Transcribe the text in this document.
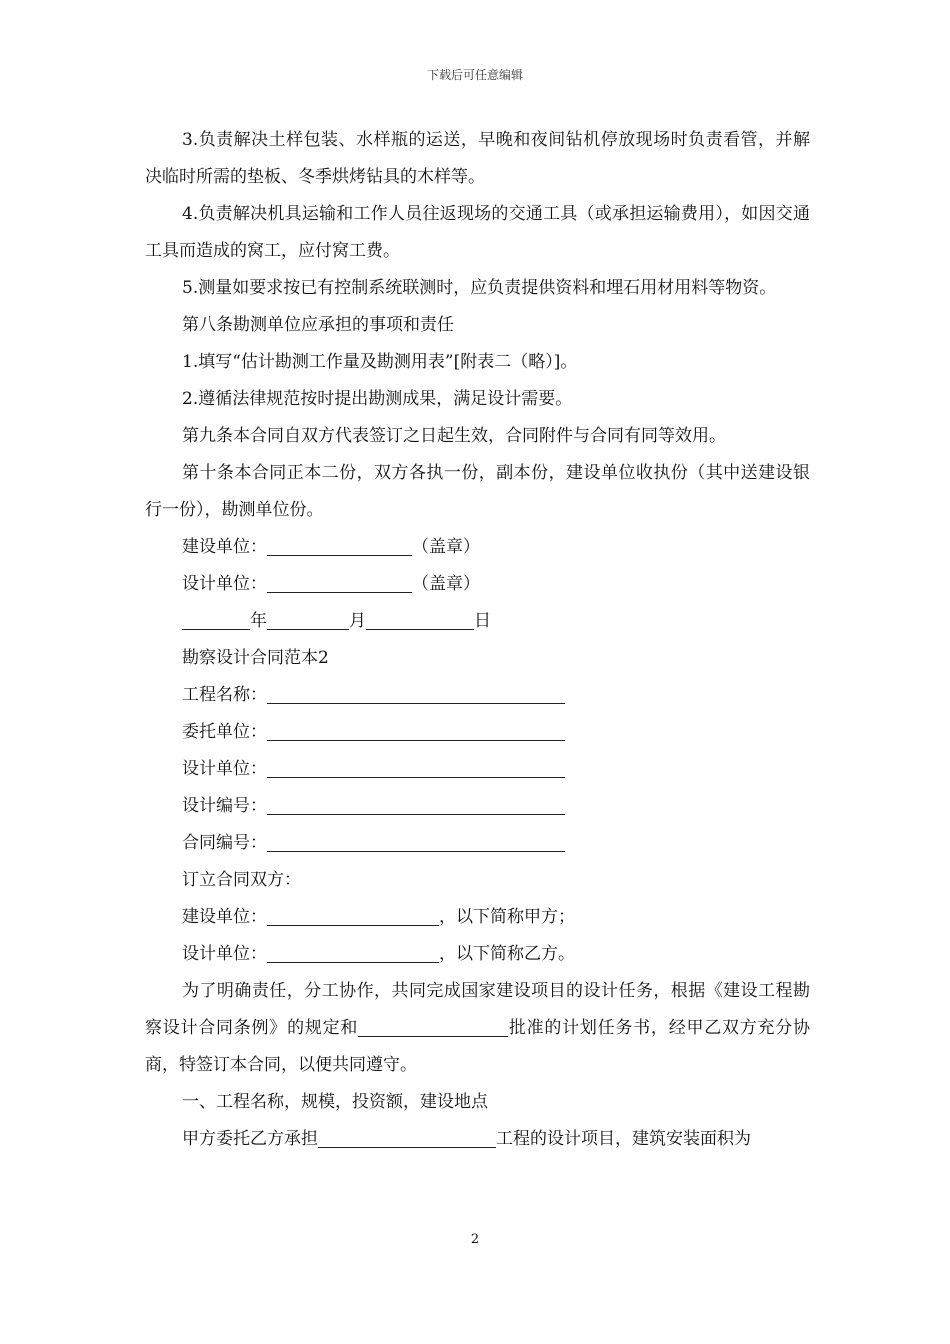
下载后可任意编辑

3.负责解决土样包装、水样瓶的运送，早晚和夜间钻机停放现场时负责看管，并解决临时所需的垫板、冬季烘烤钻具的木样等。

4.负责解决机具运输和工作人员往返现场的交通工具（或承担运输费用），如因交通工具而造成的窝工，应付窝工费。

5.测量如要求按已有控制系统联测时，应负责提供资料和埋石用材用料等物资。

第八条勘测单位应承担的事项和责任

1.填写“估计勘测工作量及勘测用表”[附表二（略）]。

2.遵循法律规范按时提出勘测成果，满足设计需要。

第九条本合同自双方代表签订之日起生效，合同附件与合同有同等效用。

第十条本合同正本二份，双方各执一份，副本份，建设单位收执份（其中送建设银行一份），勘测单位份。

建设单位：	（盖章）

设计单位：	（盖章）

年	月	日

勘察设计合同范本2

工程名称：

委托单位：

设计单位：

设计编号：

合同编号：

订立合同双方：

建设单位：	，以下简称甲方；

设计单位：	，以下简称乙方。

为了明确责任，分工协作，共同完成国家建设项目的设计任务，根据《建设工程勘察设计合同条例》的规定和	批准的计划任务书，经甲乙双方充分协商，特签订本合同，以便共同遵守。

一、工程名称，规模，投资额，建设地点

甲方委托乙方承担	工程的设计项目，建筑安装面积为

2
